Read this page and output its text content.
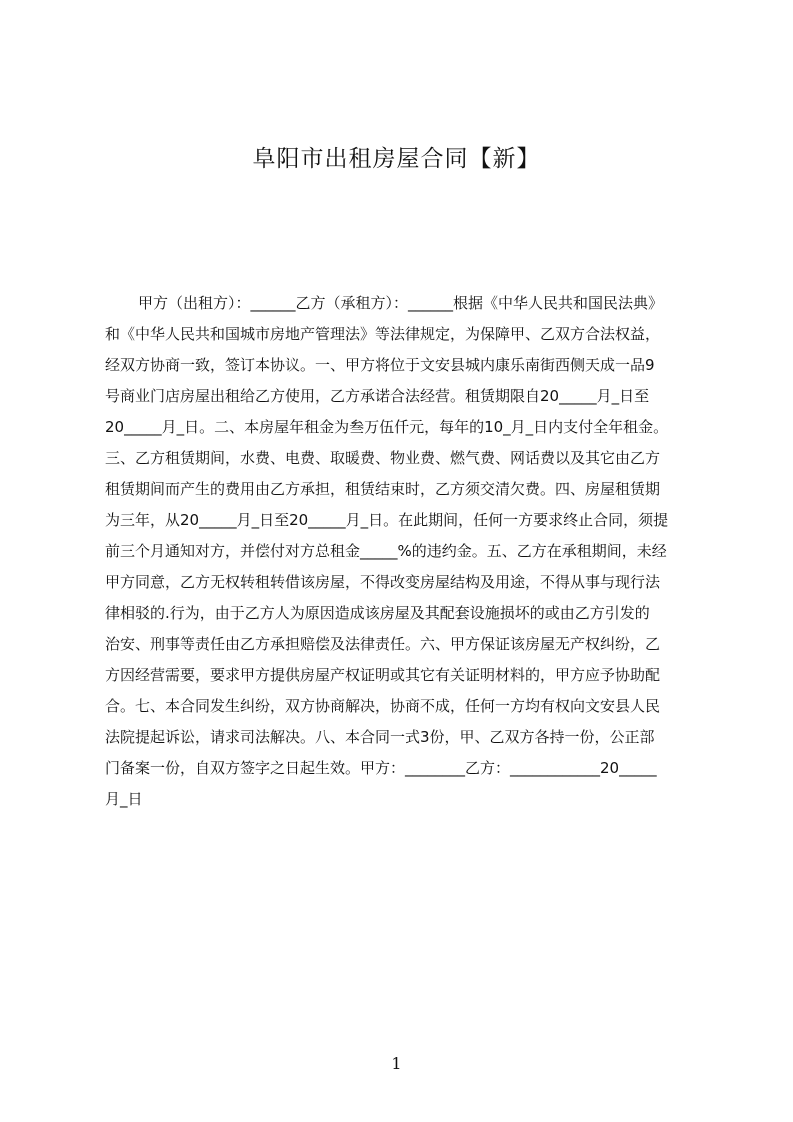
阜阳市出租房屋合同【新】
甲方（出租方）：______乙方（承租方）：______根据《中华人民共和国民法典》
和《中华人民共和国城市房地产管理法》等法律规定，为保障甲、乙双方合法权益，
经双方协商一致，签订本协议。一、甲方将位于文安县城内康乐南街西侧天成一品9
号商业门店房屋出租给乙方使用，乙方承诺合法经营。租赁期限自20_____月_日至
20_____月_日。二、本房屋年租金为叁万伍仟元，每年的10_月_日内支付全年租金。
三、乙方租赁期间，水费、电费、取暖费、物业费、燃气费、网话费以及其它由乙方
租赁期间而产生的费用由乙方承担，租赁结束时，乙方须交清欠费。四、房屋租赁期
为三年，从20_____月_日至20_____月_日。在此期间，任何一方要求终止合同，须提
前三个月通知对方，并偿付对方总租金_____%的违约金。五、乙方在承租期间，未经
甲方同意，乙方无权转租转借该房屋，不得改变房屋结构及用途，不得从事与现行法
律相驳的.行为，由于乙方人为原因造成该房屋及其配套设施损坏的或由乙方引发的
治安、刑事等责任由乙方承担赔偿及法律责任。六、甲方保证该房屋无产权纠纷，乙
方因经营需要，要求甲方提供房屋产权证明或其它有关证明材料的，甲方应予协助配
合。七、本合同发生纠纷，双方协商解决，协商不成，任何一方均有权向文安县人民
法院提起诉讼，请求司法解决。八、本合同一式3份，甲、乙双方各持一份，公正部
门备案一份，自双方签字之日起生效。甲方：________乙方：____________20_____
月_日
1
